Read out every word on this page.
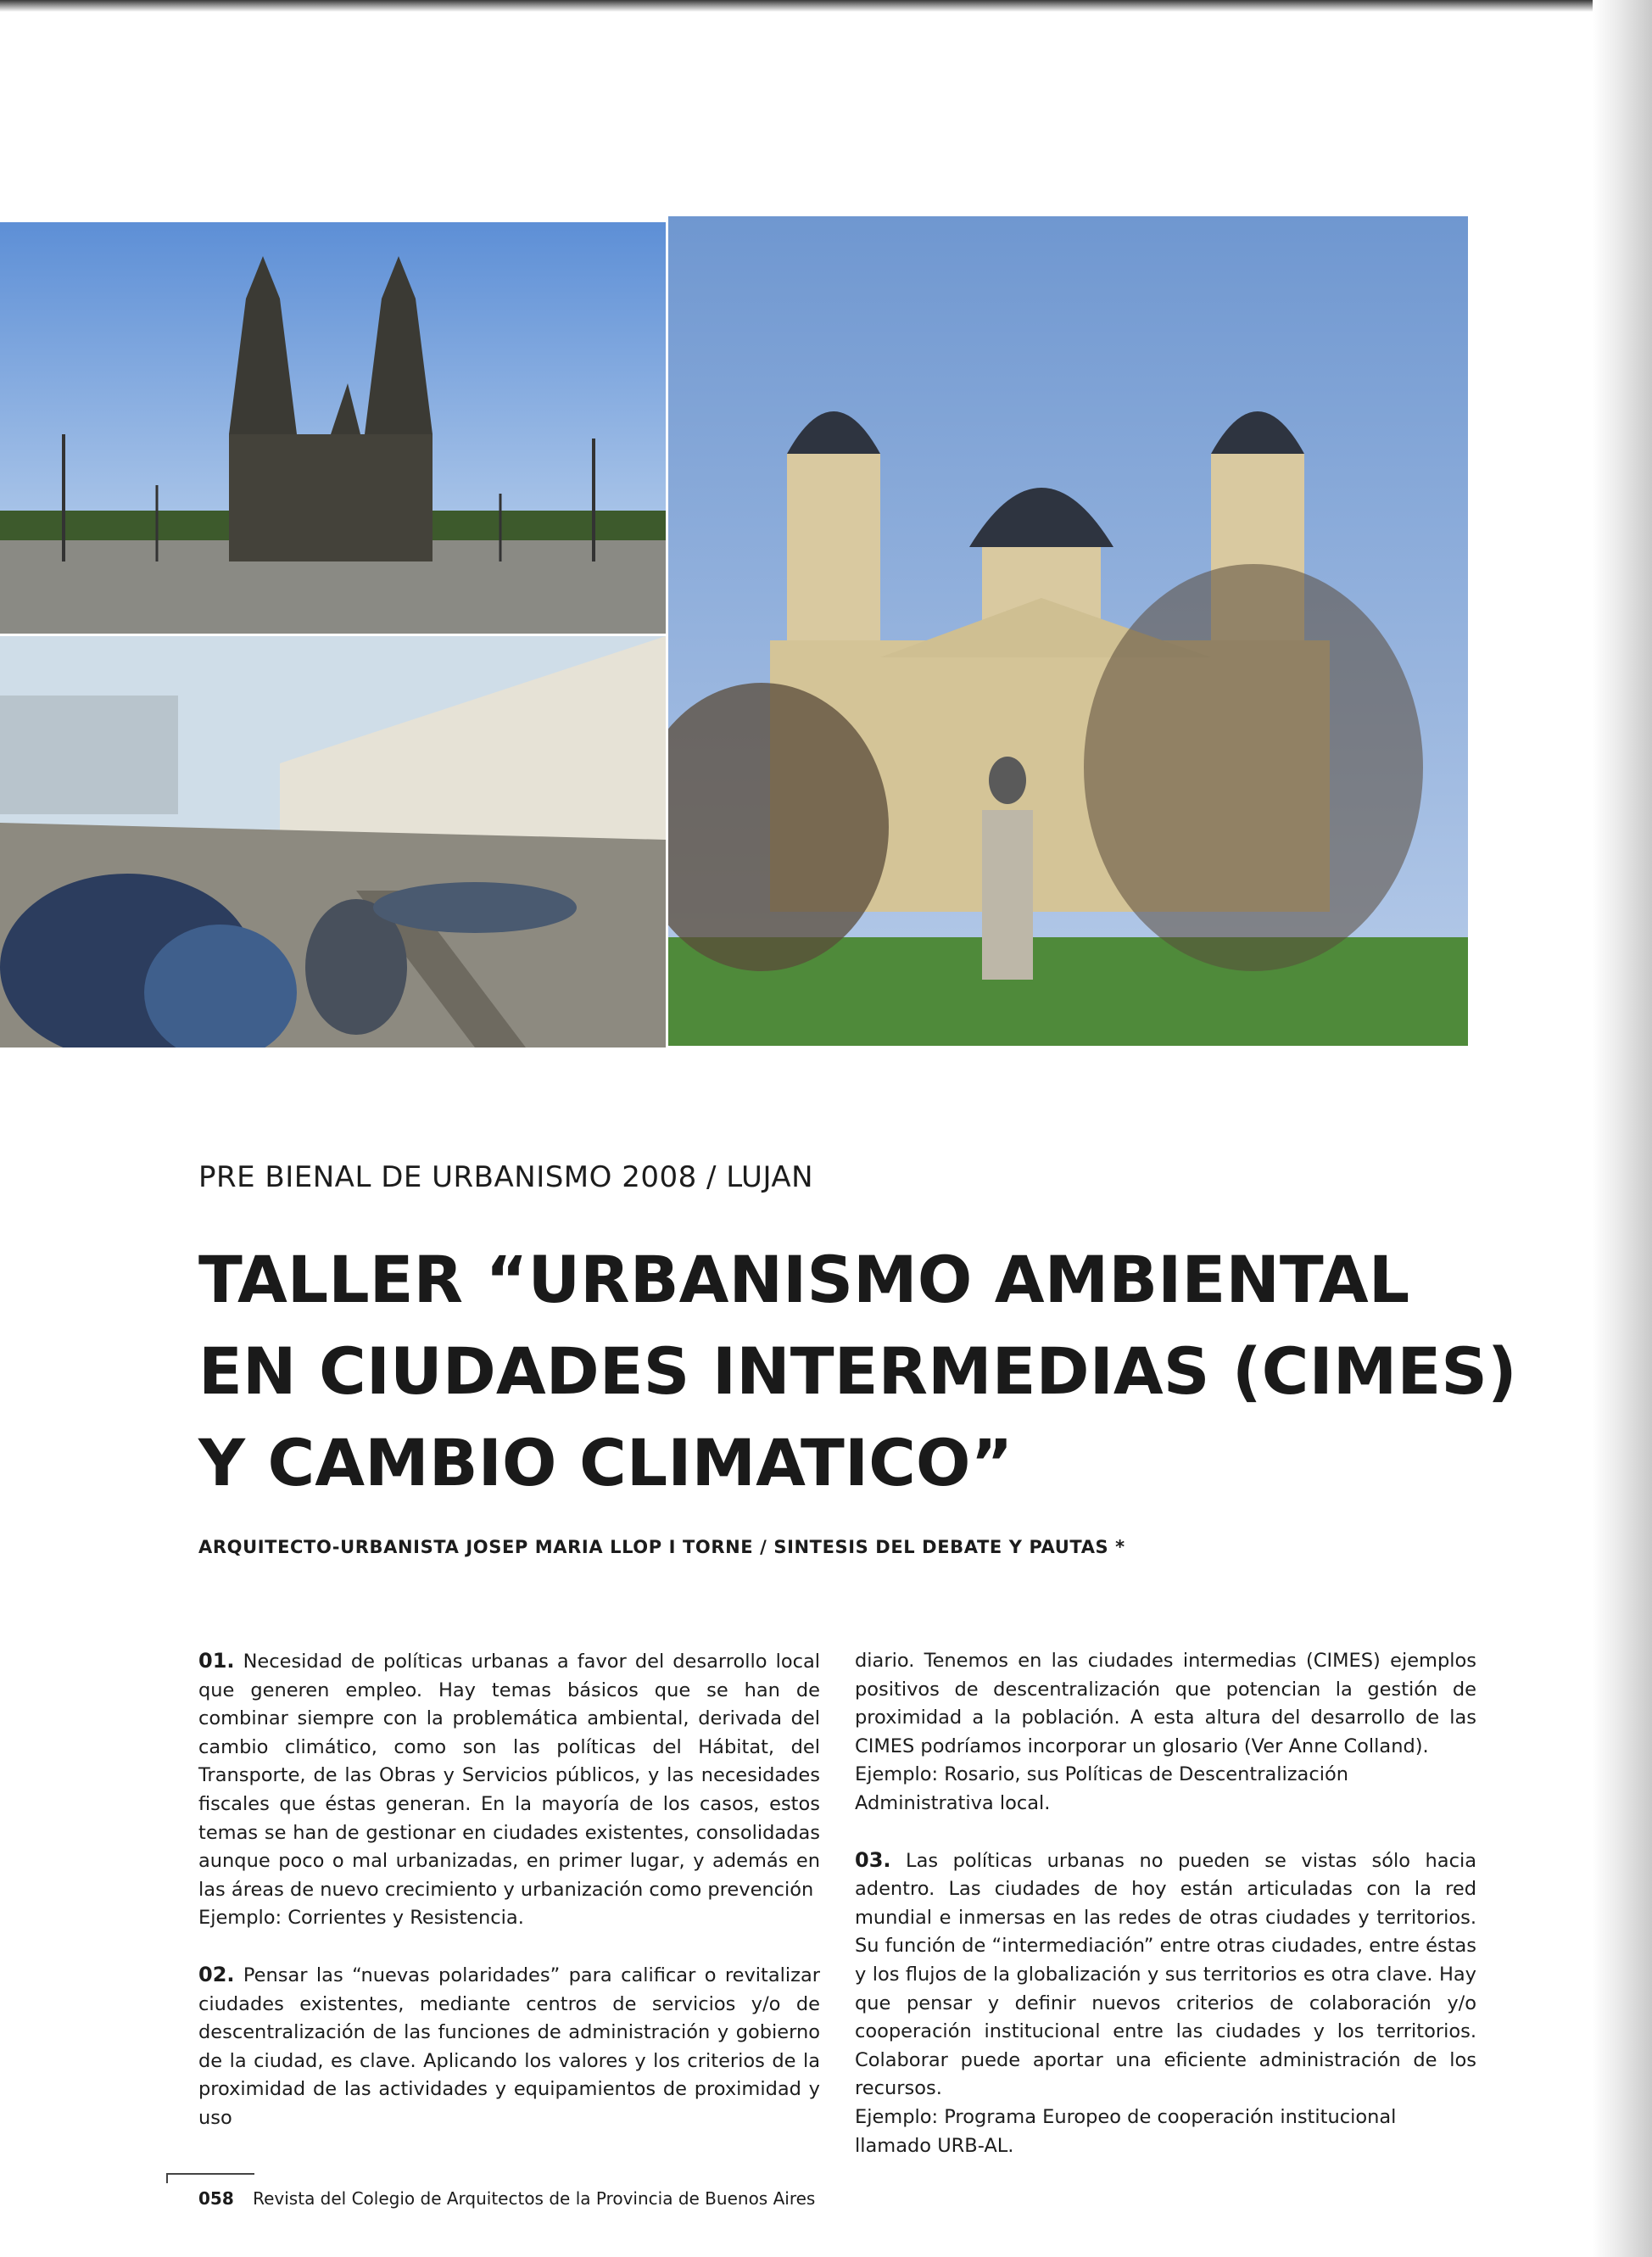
PRE BIENAL DE URBANISMO 2008 / LUJAN
TALLER “URBANISMO AMBIENTAL
EN CIUDADES INTERMEDIAS (CIMES)
Y CAMBIO CLIMATICO”
ARQUITECTO-URBANISTA JOSEP MARIA LLOP I TORNE / SINTESIS DEL DEBATE Y PAUTAS *

01. Necesidad de políticas urbanas a favor del desarrollo local que generen empleo. Hay temas básicos que se han de combinar siempre con la problemática ambiental, derivada del cambio climático, como son las políticas del Hábitat, del Transporte, de las Obras y Servicios públicos, y las necesidades fiscales que éstas generan. En la mayoría de los casos, estos temas se han de gestionar en ciudades existentes, consolidadas aunque poco o mal urbanizadas, en primer lugar, y además en las áreas de nuevo crecimiento y urbanización como prevención
Ejemplo: Corrientes y Resistencia.

02. Pensar las “nuevas polaridades” para calificar o revitalizar ciudades existentes, mediante centros de servicios y/o de descentralización de las funciones de administración y gobierno de la ciudad, es clave. Aplicando los valores y los criterios de la proximidad de las actividades y equipamientos de proximidad y uso

diario. Tenemos en las ciudades intermedias (CIMES) ejemplos positivos de descentralización que potencian la gestión de proximidad a la población. A esta altura del desarrollo de las CIMES podríamos incorporar un glosario (Ver Anne Colland).
Ejemplo: Rosario, sus Políticas de Descentralización Administrativa local.

03. Las políticas urbanas no pueden se vistas sólo hacia adentro. Las ciudades de hoy están articuladas con la red mundial e inmersas en las redes de otras ciudades y territorios. Su función de “intermediación” entre otras ciudades, entre éstas y los flujos de la globalización y sus territorios es otra clave. Hay que pensar y definir nuevos criterios de colaboración y/o cooperación institucional entre las ciudades y los territorios. Colaborar puede aportar una eficiente administración de los recursos.
Ejemplo: Programa Europeo de cooperación institucional llamado URB-AL.

058 Revista del Colegio de Arquitectos de la Provincia de Buenos Aires
